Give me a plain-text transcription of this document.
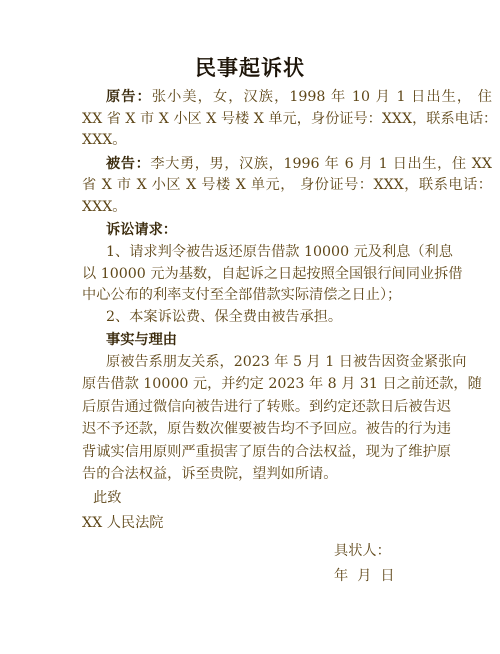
民事起诉状
原告：张小美，女，汉族，1998 年 10 月 1 日出生， 住
XX 省 X 市 X 小区 X 号楼 X 单元，身份证号：XXX，联系电话：
XXX。
被告：李大勇，男，汉族，1996 年 6 月 1 日出生，住 XX
省 X 市 X 小区 X 号楼 X 单元， 身份证号：XXX，联系电话：
XXX。
诉讼请求：
1、请求判令被告返还原告借款 10000 元及利息（利息
以 10000 元为基数，自起诉之日起按照全国银行间同业拆借
中心公布的利率支付至全部借款实际清偿之日止）；
2、本案诉讼费、保全费由被告承担。
事实与理由
原被告系朋友关系，2023 年 5 月 1 日被告因资金紧张向
原告借款 10000 元，并约定 2023 年 8 月 31 日之前还款，随
后原告通过微信向被告进行了转账。到约定还款日后被告迟
迟不予还款，原告数次催要被告均不予回应。被告的行为违
背诚实信用原则严重损害了原告的合法权益，现为了维护原
告的合法权益，诉至贵院，望判如所请。
此致
XX 人民法院
具状人：
年  月  日
